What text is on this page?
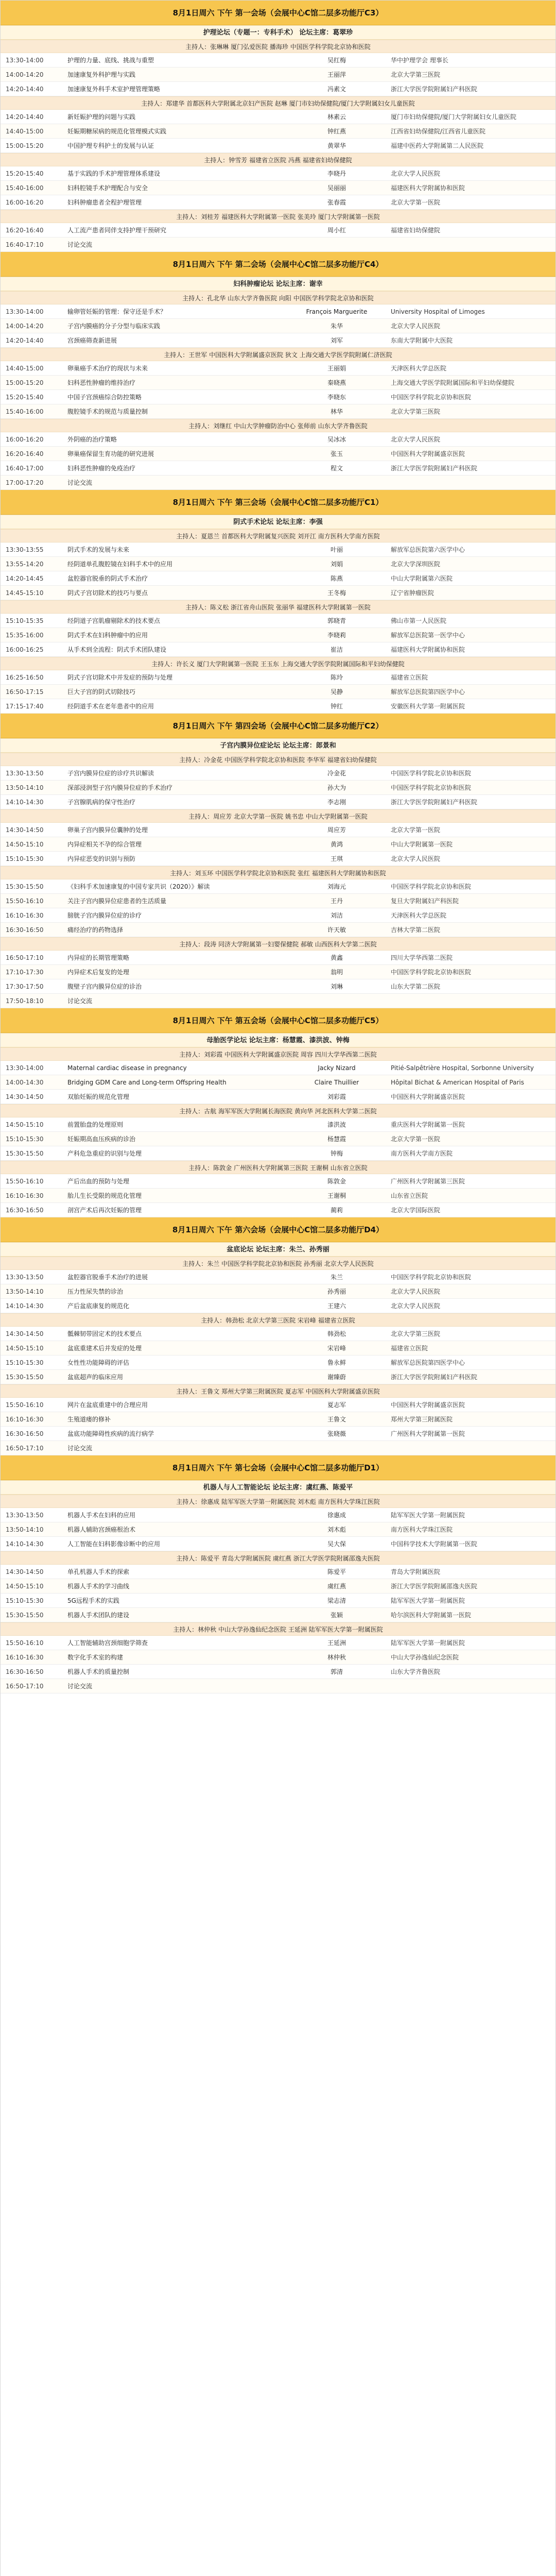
8月1日周六 下午 第一会场（会展中心C馆二层多功能厅C3）
护理论坛（专题一：专科手术） 论坛主席：葛翠珍
主持人：张琳琳 厦门弘爱医院 播海珍 中国医学科学院北京协和医院
13:30-14:00	护理的力量、底线、挑战与重塑	吴红梅	华中护理学会 理事长
14:00-14:20	加速康复外科护理与实践	王丽萍	北京大学第三医院
14:20-14:40	加速康复外科手术室护理管理策略	冯素文	浙江大学医学院附属妇产科医院
主持人：郑建华 首都医科大学附属北京妇产医院 赵琳 厦门市妇幼保健院/厦门大学附属妇女儿童医院
14:20-14:40	新妊娠护理的问题与实践	林素云	厦门市妇幼保健院/厦门大学附属妇女儿童医院
14:40-15:00	妊娠期糖尿病的规范化管理模式实践	钟红燕	江西省妇幼保健院/江西省儿童医院
15:00-15:20	中国护理专科护士的发展与认证	黄翠华	福建中医药大学附属第二人民医院
主持人：钟雪芳 福建省立医院 冯燕 福建省妇幼保健院
15:20-15:40	基于实践的手术护理管理体系建设	李晓丹	北京大学人民医院
15:40-16:00	妇科腔镜手术护理配合与安全	吴丽丽	福建医科大学附属协和医院
16:00-16:20	妇科肿瘤患者全程护理管理	张春霞	北京大学第一医院
主持人：刘桂芳 福建医科大学附属第一医院 张美玲 厦门大学附属第一医院
16:20-16:40	人工流产患者同伴支持护理干预研究	周小红	福建省妇幼保健院
16:40-17:10	讨论交流
8月1日周六 下午 第二会场（会展中心C馆二层多功能厅C4）
妇科肿瘤论坛 论坛主席：谢幸
主持人：孔北华 山东大学齐鲁医院 向阳 中国医学科学院北京协和医院
13:30-14:00	输卵管妊娠的管理：保守还是手术？	François Marguerite	University Hospital of Limoges
14:00-14:20	子宫内膜癌的分子分型与临床实践	朱华	北京大学人民医院
14:20-14:40	宫颈癌筛查新进展	刘军	东南大学附属中大医院
主持人：王世军 中国医科大学附属盛京医院 狄文 上海交通大学医学院附属仁济医院
14:40-15:00	卵巢癌手术治疗的现状与未来	王丽娟	天津医科大学总医院
15:00-15:20	妇科恶性肿瘤的维持治疗	秦晓燕	上海交通大学医学院附属国际和平妇幼保健院
15:20-15:40	中国子宫颈癌综合防控策略	李晓东	中国医学科学院北京协和医院
15:40-16:00	腹腔镜手术的规范与质量控制	林华	北京大学第三医院
主持人：刘继红 中山大学肿瘤防治中心 张师前 山东大学齐鲁医院
16:00-16:20	外阴癌的治疗策略	吴冰冰	北京大学人民医院
16:20-16:40	卵巢癌保留生育功能的研究进展	张玉	中国医科大学附属盛京医院
16:40-17:00	妇科恶性肿瘤的免疫治疗	程文	浙江大学医学院附属妇产科医院
17:00-17:20	讨论交流
8月1日周六 下午 第三会场（会展中心C馆二层多功能厅C1）
阴式手术论坛 论坛主席：李强
主持人：夏恩兰 首都医科大学附属复兴医院 刘开江 南方医科大学南方医院
13:30-13:55	阴式手术的发展与未来	叶丽	解放军总医院第六医学中心
13:55-14:20	经阴道单孔腹腔镜在妇科手术中的应用	刘娟	北京大学深圳医院
14:20-14:45	盆腔器官脱垂的阴式手术治疗	陈燕	中山大学附属第六医院
14:45-15:10	阴式子宫切除术的技巧与要点	王冬梅	辽宁省肿瘤医院
主持人：陈义松 浙江省舟山医院 张丽华 福建医科大学附属第一医院
15:10-15:35	经阴道子宫肌瘤剔除术的技术要点	郭晓青	佛山市第一人民医院
15:35-16:00	阴式手术在妇科肿瘤中的应用	李晓莉	解放军总医院第一医学中心
16:00-16:25	从手术到全流程：阴式手术团队建设	崔洁	福建医科大学附属协和医院
主持人：许长义 厦门大学附属第一医院 王玉东 上海交通大学医学院附属国际和平妇幼保健院
16:25-16:50	阴式子宫切除术中并发症的预防与处理	陈玲	福建省立医院
16:50-17:15	巨大子宫的阴式切除技巧	吴静	解放军总医院第四医学中心
17:15-17:40	经阴道手术在老年患者中的应用	钟红	安徽医科大学第一附属医院
8月1日周六 下午 第四会场（会展中心C馆二层多功能厅C2）
子宫内膜异位症论坛 论坛主席：郎景和
主持人：冷金花 中国医学科学院北京协和医院 李华军 福建省妇幼保健院
13:30-13:50	子宫内膜异位症的诊疗共识解读	冷金花	中国医学科学院北京协和医院
13:50-14:10	深部浸润型子宫内膜异位症的手术治疗	孙大为	中国医学科学院北京协和医院
14:10-14:30	子宫腺肌病的保守性治疗	李志刚	浙江大学医学院附属妇产科医院
主持人：周应芳 北京大学第一医院 姚书忠 中山大学附属第一医院
14:30-14:50	卵巢子宫内膜异位囊肿的处理	周应芳	北京大学第一医院
14:50-15:10	内异症相关不孕的综合管理	黄鸿	中山大学附属第一医院
15:10-15:30	内异症恶变的识别与预防	王琪	北京大学人民医院
主持人：刘玉环 中国医学科学院北京协和医院 张红 福建医科大学附属协和医院
15:30-15:50	《妇科手术加速康复的中国专家共识（2020）》解读	刘海元	中国医学科学院北京协和医院
15:50-16:10	关注子宫内膜异位症患者的生活质量	王丹	复旦大学附属妇产科医院
16:10-16:30	膀胱子宫内膜异位症的诊疗	刘洁	天津医科大学总医院
16:30-16:50	痛经治疗的药物选择	许天敏	吉林大学第二医院
主持人：段涛 同济大学附属第一妇婴保健院 郝敏 山西医科大学第二医院
16:50-17:10	内异症的长期管理策略	黄鑫	四川大学华西第二医院
17:10-17:30	内异症术后复发的处理	翁明	中国医学科学院北京协和医院
17:30-17:50	腹壁子宫内膜异位症的诊治	刘琳	山东大学第二医院
17:50-18:10	讨论交流
8月1日周六 下午 第五会场（会展中心C馆二层多功能厅C5）
母胎医学论坛 论坛主席：杨慧霞、漆洪波、钟梅
主持人：刘彩霞 中国医科大学附属盛京医院 周容 四川大学华西第二医院
13:30-14:00	Maternal cardiac disease in pregnancy	Jacky Nizard	Pitié-Salpêtrière Hospital, Sorbonne University
14:00-14:30	Bridging GDM Care and Long-term Offspring Health	Claire Thuillier	Hôpital Bichat & American Hospital of Paris
14:30-14:50	双胎妊娠的规范化管理	刘彩霞	中国医科大学附属盛京医院
主持人：古航 海军军医大学附属长海医院 黄向华 河北医科大学第二医院
14:50-15:10	前置胎盘的处理原则	漆洪波	重庆医科大学附属第一医院
15:10-15:30	妊娠期高血压疾病的诊治	杨慧霞	北京大学第一医院
15:30-15:50	产科危急重症的识别与处理	钟梅	南方医科大学南方医院
主持人：陈敦金 广州医科大学附属第三医院 王谢桐 山东省立医院
15:50-16:10	产后出血的预防与处理	陈敦金	广州医科大学附属第三医院
16:10-16:30	胎儿生长受限的规范化管理	王谢桐	山东省立医院
16:30-16:50	剖宫产术后再次妊娠的管理	蔺莉	北京大学国际医院
8月1日周六 下午 第六会场（会展中心C馆二层多功能厅D4）
盆底论坛 论坛主席：朱兰、孙秀丽
主持人：朱兰 中国医学科学院北京协和医院 孙秀丽 北京大学人民医院
13:30-13:50	盆腔器官脱垂手术治疗的进展	朱兰	中国医学科学院北京协和医院
13:50-14:10	压力性尿失禁的诊治	孙秀丽	北京大学人民医院
14:10-14:30	产后盆底康复的规范化	王建六	北京大学人民医院
主持人：韩劲松 北京大学第三医院 宋岩峰 福建省立医院
14:30-14:50	骶棘韧带固定术的技术要点	韩劲松	北京大学第三医院
14:50-15:10	盆底重建术后并发症的处理	宋岩峰	福建省立医院
15:10-15:30	女性性功能障碍的评估	鲁永鲜	解放军总医院第四医学中心
15:30-15:50	盆底超声的临床应用	谢臻蔚	浙江大学医学院附属妇产科医院
主持人：王鲁文 郑州大学第三附属医院 夏志军 中国医科大学附属盛京医院
15:50-16:10	网片在盆底重建中的合理应用	夏志军	中国医科大学附属盛京医院
16:10-16:30	生殖道瘘的修补	王鲁文	郑州大学第三附属医院
16:30-16:50	盆底功能障碍性疾病的流行病学	张晓薇	广州医科大学附属第一医院
16:50-17:10	讨论交流
8月1日周六 下午 第七会场（会展中心C馆二层多功能厅D1）
机器人与人工智能论坛 论坛主席：虞红燕、陈爱平
主持人：徐惠成 陆军军医大学第一附属医院 刘木彪 南方医科大学珠江医院
13:30-13:50	机器人手术在妇科的应用	徐惠成	陆军军医大学第一附属医院
13:50-14:10	机器人辅助宫颈癌根治术	刘木彪	南方医科大学珠江医院
14:10-14:30	人工智能在妇科影像诊断中的应用	吴大保	中国科学技术大学附属第一医院
主持人：陈爱平 青岛大学附属医院 虞红燕 浙江大学医学院附属邵逸夫医院
14:30-14:50	单孔机器人手术的探索	陈爱平	青岛大学附属医院
14:50-15:10	机器人手术的学习曲线	虞红燕	浙江大学医学院附属邵逸夫医院
15:10-15:30	5G远程手术的实践	梁志清	陆军军医大学第一附属医院
15:30-15:50	机器人手术团队的建设	张颖	哈尔滨医科大学附属第一医院
主持人：林仲秋 中山大学孙逸仙纪念医院 王延洲 陆军军医大学第一附属医院
15:50-16:10	人工智能辅助宫颈细胞学筛查	王延洲	陆军军医大学第一附属医院
16:10-16:30	数字化手术室的构建	林仲秋	中山大学孙逸仙纪念医院
16:30-16:50	机器人手术的质量控制	郭清	山东大学齐鲁医院
16:50-17:10	讨论交流
